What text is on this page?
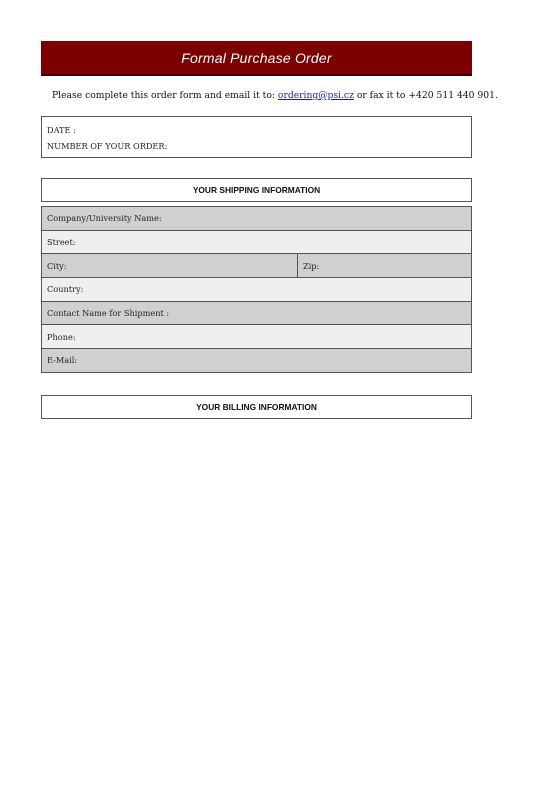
Formal Purchase Order
Please complete this order form and email it to: ordering@psi.cz or fax it to +420 511 440 901.
DATE :
NUMBER OF YOUR ORDER:
YOUR SHIPPING INFORMATION
Company/University Name:
Street:
City:	Zip:
Country:
Contact Name for Shipment :
Phone:
E-Mail:
YOUR BILLING INFORMATION
